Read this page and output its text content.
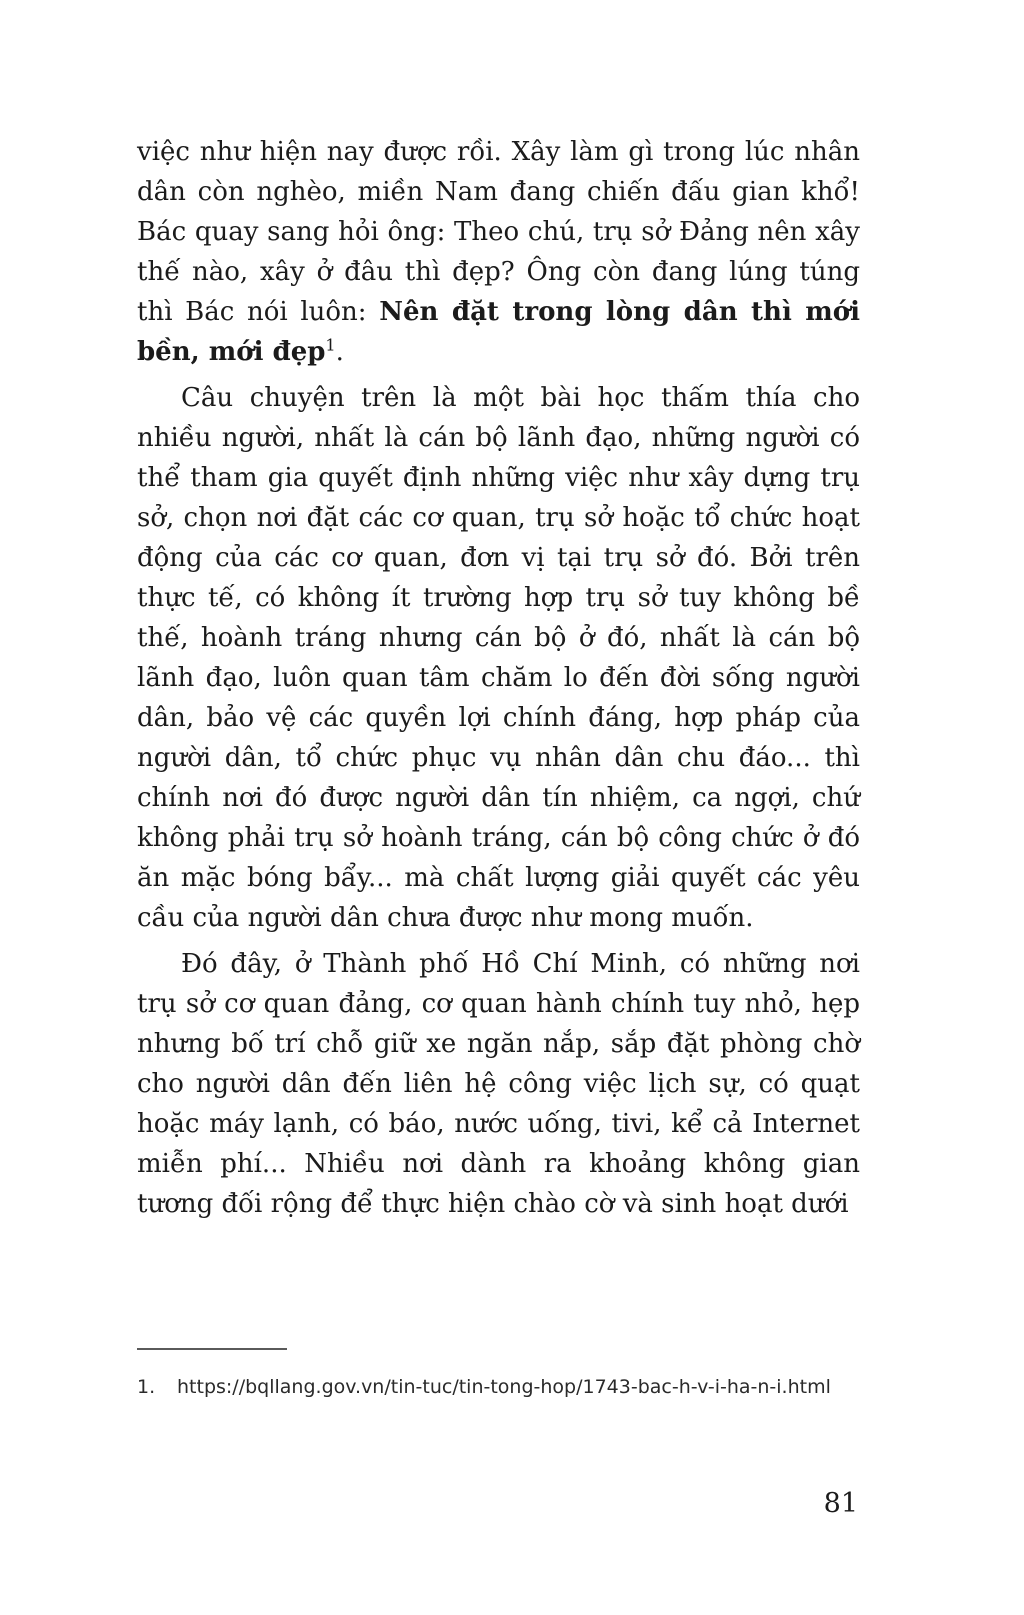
việc như hiện nay được rồi. Xây làm gì trong lúc nhân dân còn nghèo, miền Nam đang chiến đấu gian khổ! Bác quay sang hỏi ông: Theo chú, trụ sở Đảng nên xây thế nào, xây ở đâu thì đẹp? Ông còn đang lúng túng thì Bác nói luôn: Nên đặt trong lòng dân thì mới bền, mới đẹp$^1$.

Câu chuyện trên là một bài học thấm thía cho nhiều người, nhất là cán bộ lãnh đạo, những người có thể tham gia quyết định những việc như xây dựng trụ sở, chọn nơi đặt các cơ quan, trụ sở hoặc tổ chức hoạt động của các cơ quan, đơn vị tại trụ sở đó. Bởi trên thực tế, có không ít trường hợp trụ sở tuy không bề thế, hoành tráng nhưng cán bộ ở đó, nhất là cán bộ lãnh đạo, luôn quan tâm chăm lo đến đời sống người dân, bảo vệ các quyền lợi chính đáng, hợp pháp của người dân, tổ chức phục vụ nhân dân chu đáo... thì chính nơi đó được người dân tín nhiệm, ca ngợi, chứ không phải trụ sở hoành tráng, cán bộ công chức ở đó ăn mặc bóng bẩy... mà chất lượng giải quyết các yêu cầu của người dân chưa được như mong muốn.

Đó đây, ở Thành phố Hồ Chí Minh, có những nơi trụ sở cơ quan đảng, cơ quan hành chính tuy nhỏ, hẹp nhưng bố trí chỗ giữ xe ngăn nắp, sắp đặt phòng chờ cho người dân đến liên hệ công việc lịch sự, có quạt hoặc máy lạnh, có báo, nước uống, tivi, kể cả Internet miễn phí... Nhiều nơi dành ra khoảng không gian tương đối rộng để thực hiện chào cờ và sinh hoạt dưới

1.	https://bqllang.gov.vn/tin-tuc/tin-tong-hop/1743-bac-h-v-i-ha-n-i.html
81
